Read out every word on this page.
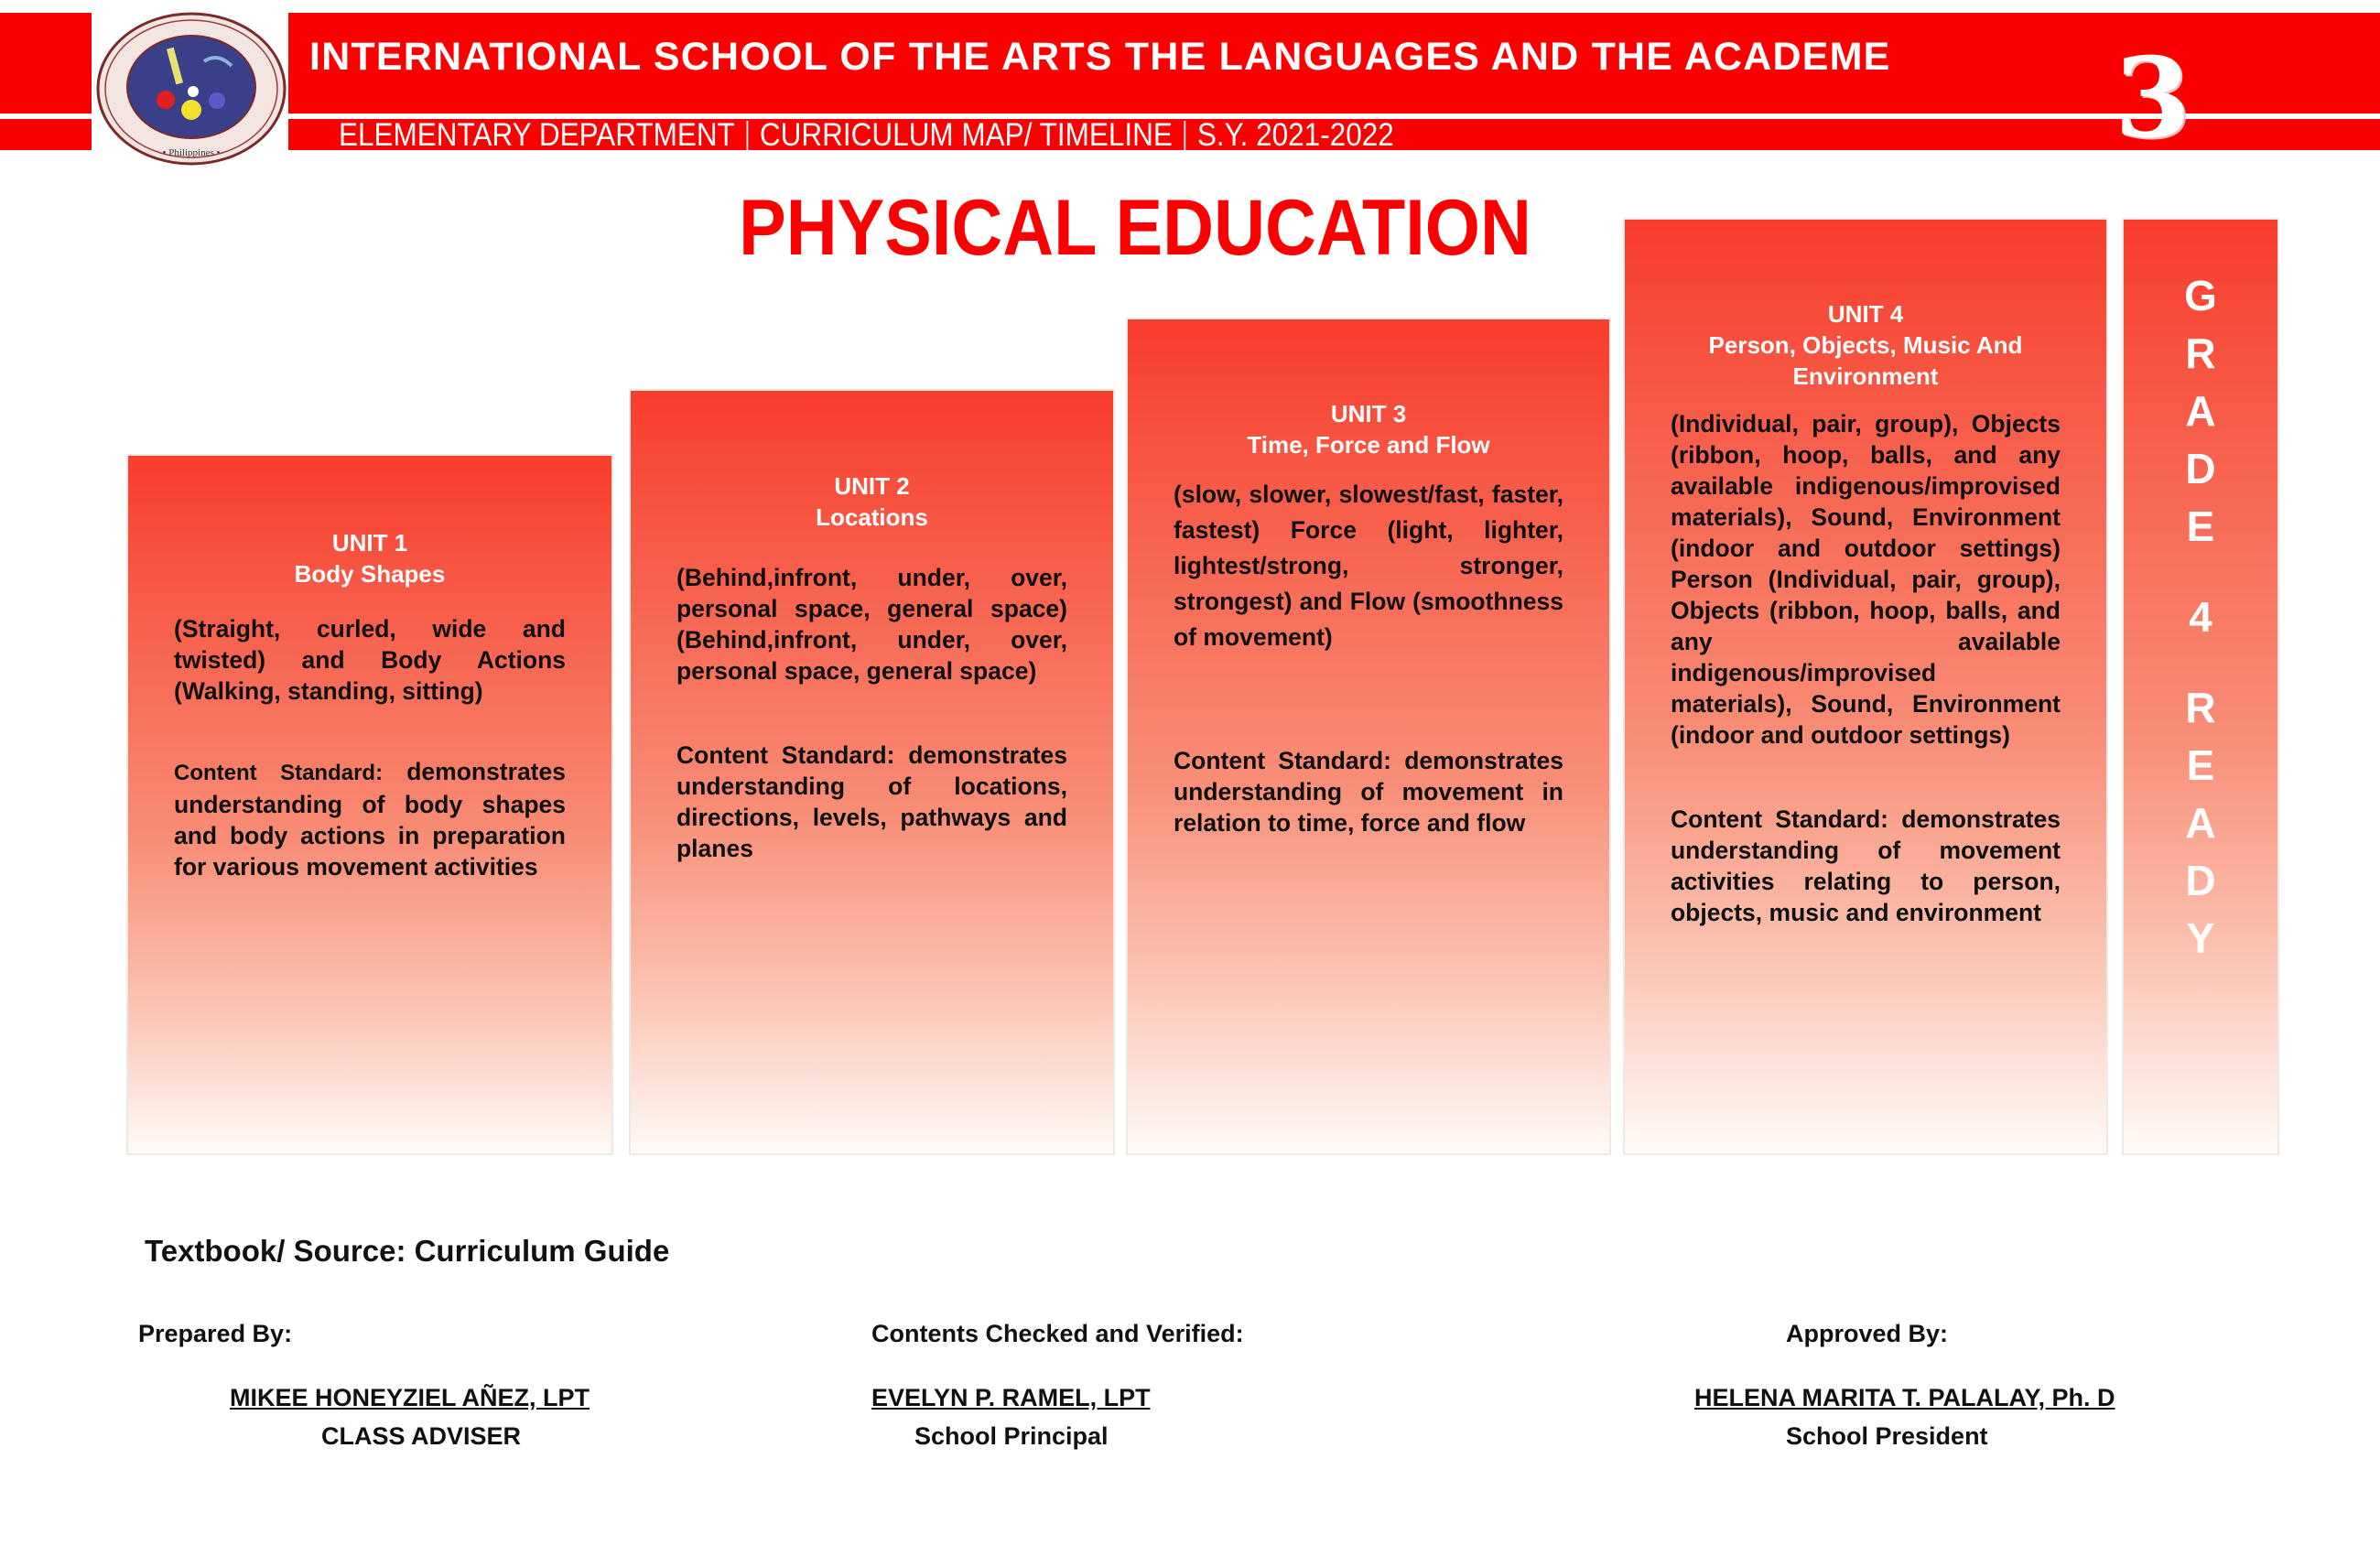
• Philippines •
INTERNATIONAL SCHOOL OF THE ARTS THE LANGUAGES AND THE ACADEME
ELEMENTARY DEPARTMENT CURRICULUM MAP/ TIMELINE S.Y. 2021-2022	3
PHYSICAL EDUCATION
UNIT 1
Body Shapes
(Straight, curled, wide and twisted) and Body Actions (Walking, standing, sitting)
Content Standard: demonstrates understanding of body shapes and body actions in preparation for various movement activities
UNIT 2
Locations
(Behind,infront, under, over, personal space, general space) (Behind,infront, under, over, personal space, general space)
Content Standard: demonstrates understanding of locations, directions, levels, pathways and planes
UNIT 3
Time, Force and Flow
(slow, slower, slowest/fast, faster, fastest) Force (light, lighter, lightest/strong, stronger, strongest) and Flow (smoothness of movement)
Content Standard: demonstrates understanding of movement in relation to time, force and flow
UNIT 4
Person, Objects, Music And Environment
(Individual, pair, group), Objects (ribbon, hoop, balls, and any available indigenous/improvised materials), Sound, Environment (indoor and outdoor settings) Person (Individual, pair, group), Objects (ribbon, hoop, balls, and any available indigenous/improvised materials), Sound, Environment (indoor and outdoor settings)
Content Standard: demonstrates understanding of movement activities relating to person, objects, music and environment
G
R
A
D
E
4
R
E
A
D
Y
Textbook/ Source: Curriculum Guide
Prepared By:
MIKEE HONEYZIEL AÑEZ, LPT
CLASS ADVISER
Contents Checked and Verified:
EVELYN P. RAMEL, LPT
School Principal
Approved By:
HELENA MARITA T. PALALAY, Ph. D
School President
